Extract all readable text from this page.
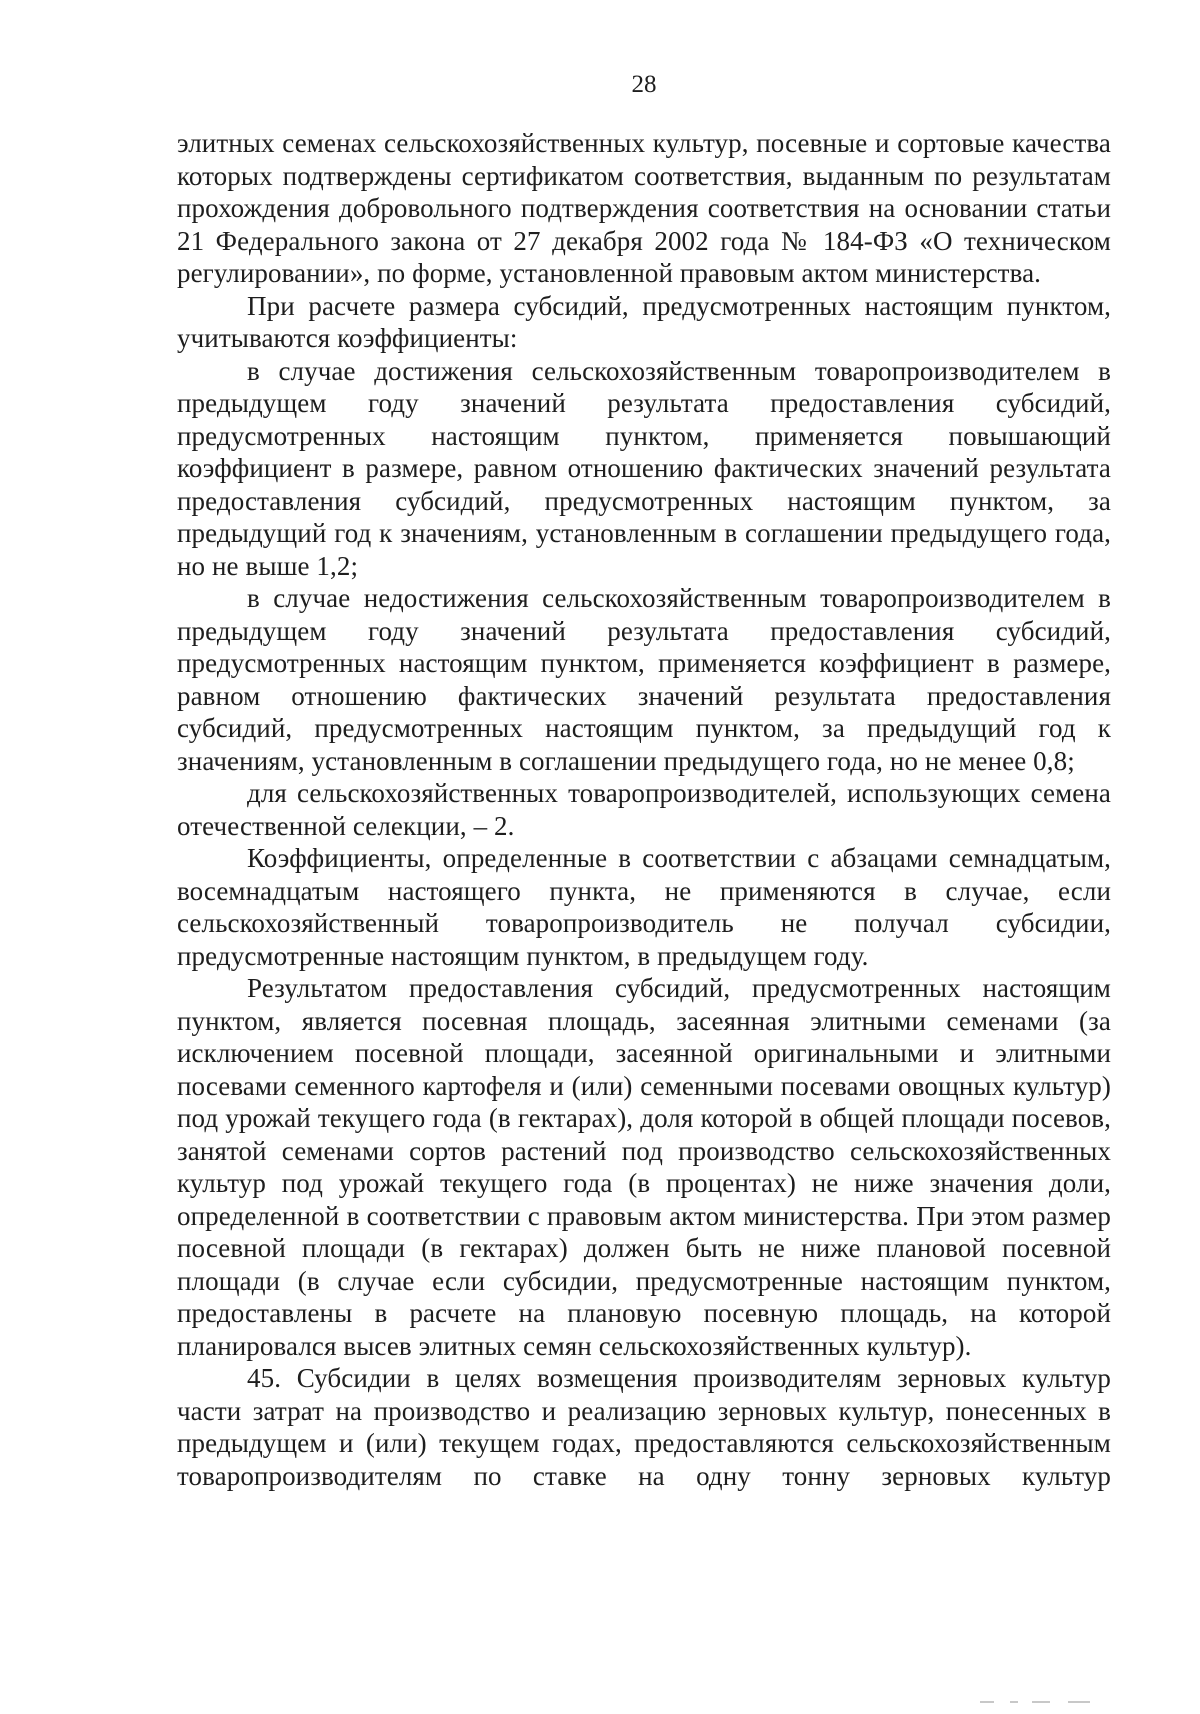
28

элитных семенах сельскохозяйственных культур, посевные и сортовые качества которых подтверждены сертификатом соответствия, выданным по результатам прохождения добровольного подтверждения соответствия на основании статьи 21 Федерального закона от 27 декабря 2002 года № 184-ФЗ «О техническом регулировании», по форме, установленной правовым актом министерства.

При расчете размера субсидий, предусмотренных настоящим пунктом, учитываются коэффициенты:

в случае достижения сельскохозяйственным товаропроизводителем в предыдущем году значений результата предоставления субсидий, предусмотренных настоящим пунктом, применяется повышающий коэффициент в размере, равном отношению фактических значений результата предоставления субсидий, предусмотренных настоящим пунктом, за предыдущий год к значениям, установленным в соглашении предыдущего года, но не выше 1,2;

в случае недостижения сельскохозяйственным товаропроизводителем в предыдущем году значений результата предоставления субсидий, предусмотренных настоящим пунктом, применяется коэффициент в размере, равном отношению фактических значений результата предоставления субсидий, предусмотренных настоящим пунктом, за предыдущий год к значениям, установленным в соглашении предыдущего года, но не менее 0,8;

для сельскохозяйственных товаропроизводителей, использующих семена отечественной селекции, – 2.

Коэффициенты, определенные в соответствии с абзацами семнадцатым, восемнадцатым настоящего пункта, не применяются в случае, если сельскохозяйственный товаропроизводитель не получал субсидии, предусмотренные настоящим пунктом, в предыдущем году.

Результатом предоставления субсидий, предусмотренных настоящим пунктом, является посевная площадь, засеянная элитными семенами (за исключением посевной площади, засеянной оригинальными и элитными посевами семенного картофеля и (или) семенными посевами овощных культур) под урожай текущего года (в гектарах), доля которой в общей площади посевов, занятой семенами сортов растений под производство сельскохозяйственных культур под урожай текущего года (в процентах) не ниже значения доли, определенной в соответствии с правовым актом министерства. При этом размер посевной площади (в гектарах) должен быть не ниже плановой посевной площади (в случае если субсидии, предусмотренные настоящим пунктом, предоставлены в расчете на плановую посевную площадь, на которой планировался высев элитных семян сельскохозяйственных культур).

45. Субсидии в целях возмещения производителям зерновых культур части затрат на производство и реализацию зерновых культур, понесенных в предыдущем и (или) текущем годах, предоставляются сельскохозяйственным товаропроизводителям по ставке на одну тонну зерновых культур
